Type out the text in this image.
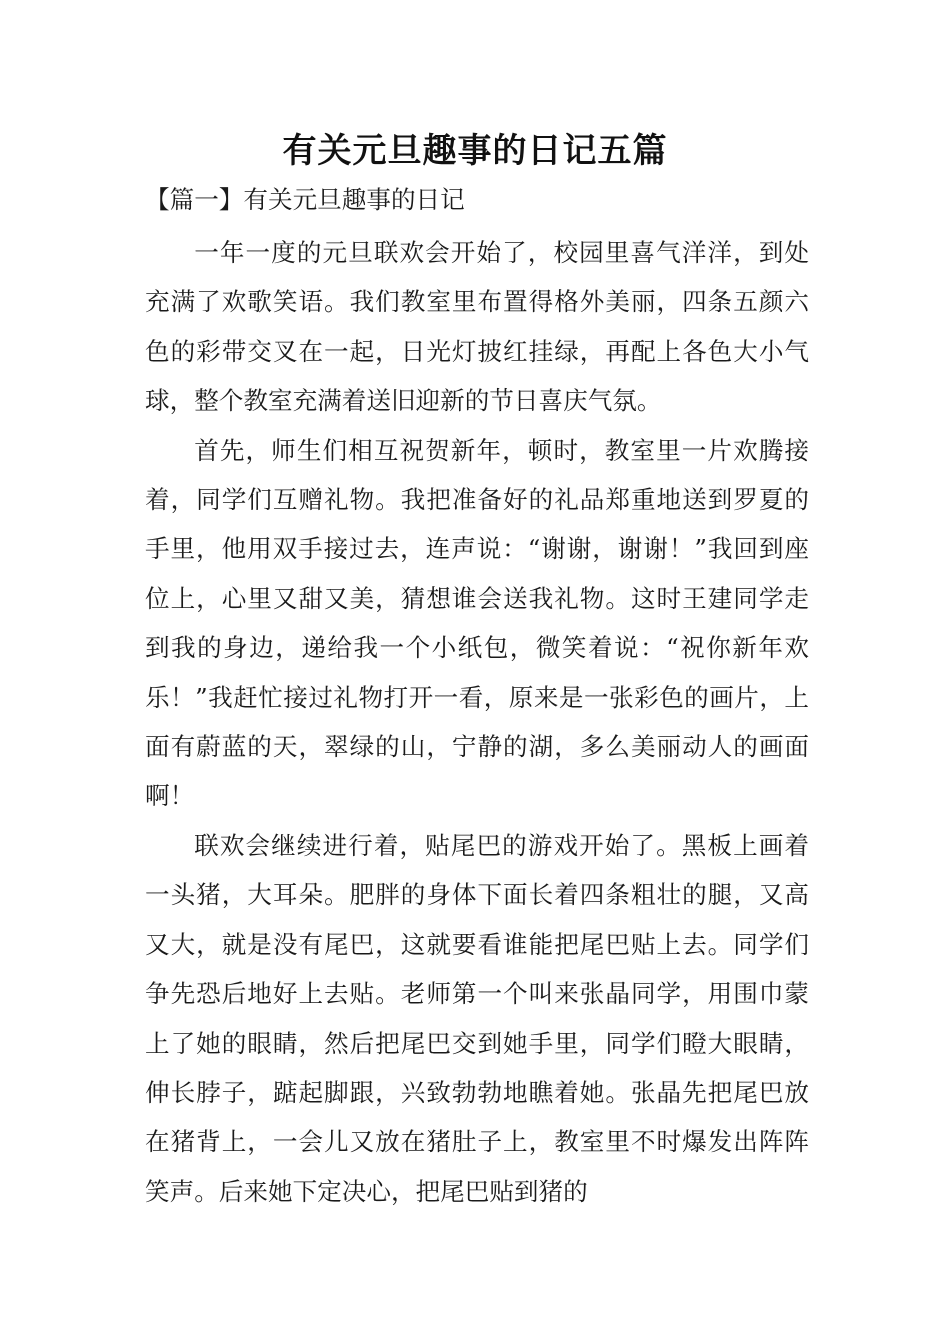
有关元旦趣事的日记五篇
【篇一】有关元旦趣事的日记

一年一度的元旦联欢会开始了，校园里喜气洋洋，到处充满了欢歌笑语。我们教室里布置得格外美丽，四条五颜六色的彩带交叉在一起，日光灯披红挂绿，再配上各色大小气球，整个教室充满着送旧迎新的节日喜庆气氛。

首先，师生们相互祝贺新年，顿时，教室里一片欢腾接着，同学们互赠礼物。我把准备好的礼品郑重地送到罗夏的手里，他用双手接过去，连声说：“谢谢，谢谢！”我回到座位上，心里又甜又美，猜想谁会送我礼物。这时王建同学走到我的身边，递给我一个小纸包，微笑着说：“祝你新年欢乐！”我赶忙接过礼物打开一看，原来是一张彩色的画片，上面有蔚蓝的天，翠绿的山，宁静的湖，多么美丽动人的画面啊！

联欢会继续进行着，贴尾巴的游戏开始了。黑板上画着一头猪，大耳朵。肥胖的身体下面长着四条粗壮的腿，又高又大，就是没有尾巴，这就要看谁能把尾巴贴上去。同学们争先恐后地好上去贴。老师第一个叫来张晶同学，用围巾蒙上了她的眼睛，然后把尾巴交到她手里，同学们瞪大眼睛，伸长脖子，踮起脚跟，兴致勃勃地瞧着她。张晶先把尾巴放在猪背上，一会儿又放在猪肚子上，教室里不时爆发出阵阵笑声。后来她下定决心，把尾巴贴到猪的
